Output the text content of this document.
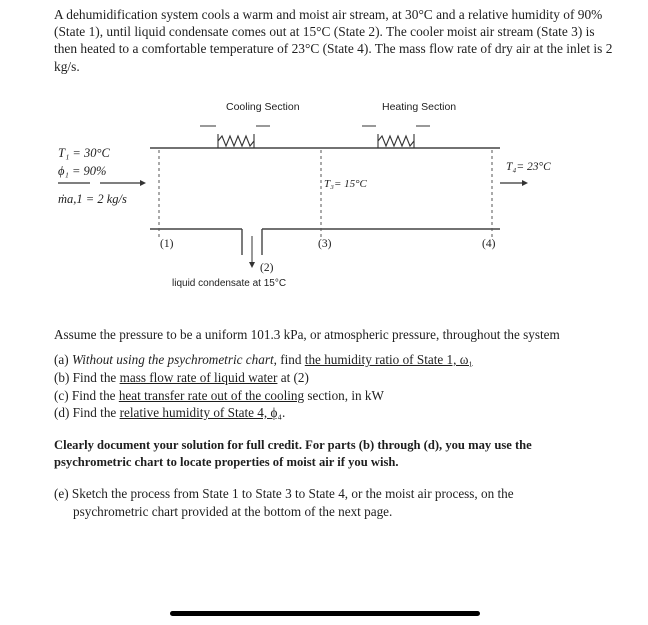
A dehumidification system cools a warm and moist air stream, at 30°C and a relative humidity of 90% (State 1), until liquid condensate comes out at 15°C (State 2). The cooler moist air stream (State 3) is then heated to a comfortable temperature of 23°C (State 4). The mass flow rate of dry air at the inlet is 2 kg/s.

Cooling Section	Heating Section
T₁ = 30°C
ϕ₁ = 90%
ṁa,1 = 2 kg/s
T₃= 15°C
T₄= 23°C
(1)	(3)	(4)
(2)
liquid condensate at 15°C
Assume the pressure to be a uniform 101.3 kPa, or atmospheric pressure, throughout the system
(a) Without using the psychrometric chart, find the humidity ratio of State 1, ω₁
(b) Find the mass flow rate of liquid water at (2)
(c) Find the heat transfer rate out of the cooling section, in kW
(d) Find the relative humidity of State 4, ϕ₄.

Clearly document your solution for full credit. For parts (b) through (d), you may use the psychrometric chart to locate properties of moist air if you wish.

(e) Sketch the process from State 1 to State 3 to State 4, or the moist air process, on the
psychrometric chart provided at the bottom of the next page.
